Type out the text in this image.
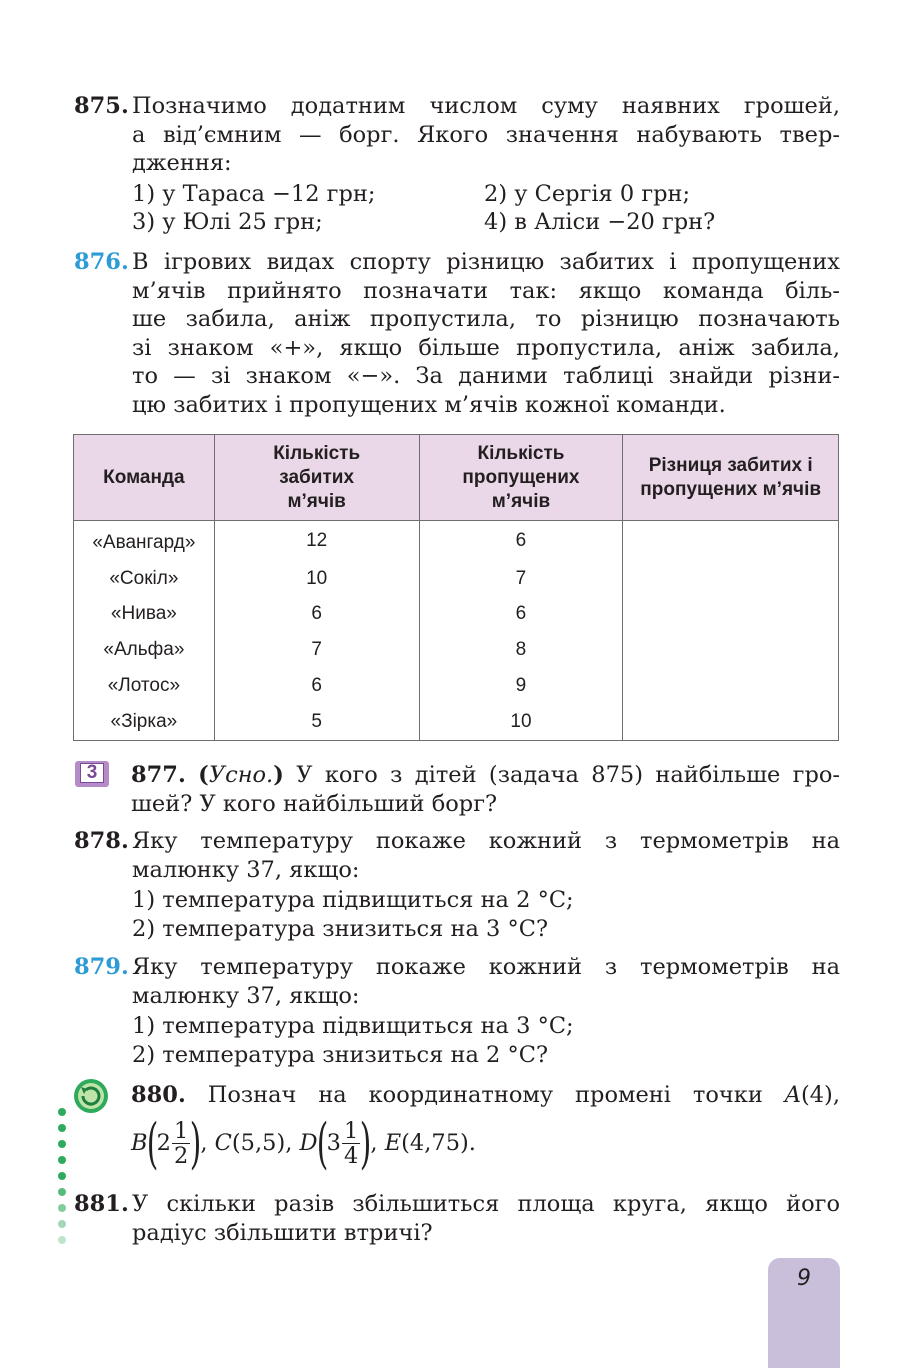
875. Позначимо додатним числом суму наявних грошей,
а від’ємним — борг. Якого значення набувають твер-
дження:
1) у Тараса −12 грн;	2) у Сергія 0 грн;
3) у Юлі 25 грн;	4) в Аліси −20 грн?
876. В ігрових видах спорту різницю забитих і пропущених
м’ячів прийнято позначати так: якщо команда біль-
ше забила, аніж пропустила, то різницю позначають
зі знаком «+», якщо більше пропустила, аніж забила,
то — зі знаком «−». За даними таблиці знайди різни-
цю забитих і пропущених м’ячів кожної команди.
Команда	Кількість забитих м’ячів	Кількість пропущених м’ячів	Різниця забитих і пропущених м’ячів
«Авангард»	12	6	
«Сокіл»	10	7	
«Нива»	6	6	
«Альфа»	7	8	
«Лотос»	6	9	
«Зірка»	5	10	
3 877. (Усно.) У кого з дітей (задача 875) найбільше гро-
шей? У кого найбільший борг?
878. Яку температуру покаже кожний з термометрів на
малюнку 37, якщо:
1) температура підвищиться на 2 °C;
2) температура знизиться на 3 °C?
879. Яку температуру покаже кожний з термометрів на
малюнку 37, якщо:
1) температура підвищиться на 3 °C;
2) температура знизиться на 2 °C?
880. Познач на координатному промені точки A(4),
B
(
$2 \frac{1}{2}$ )
, C (5,5),
D
(
$3 \frac{1}{4}$ )
, E (4,75).
881. У скільки разів збільшиться площа круга, якщо його
радіус збільшити втричі?
9
